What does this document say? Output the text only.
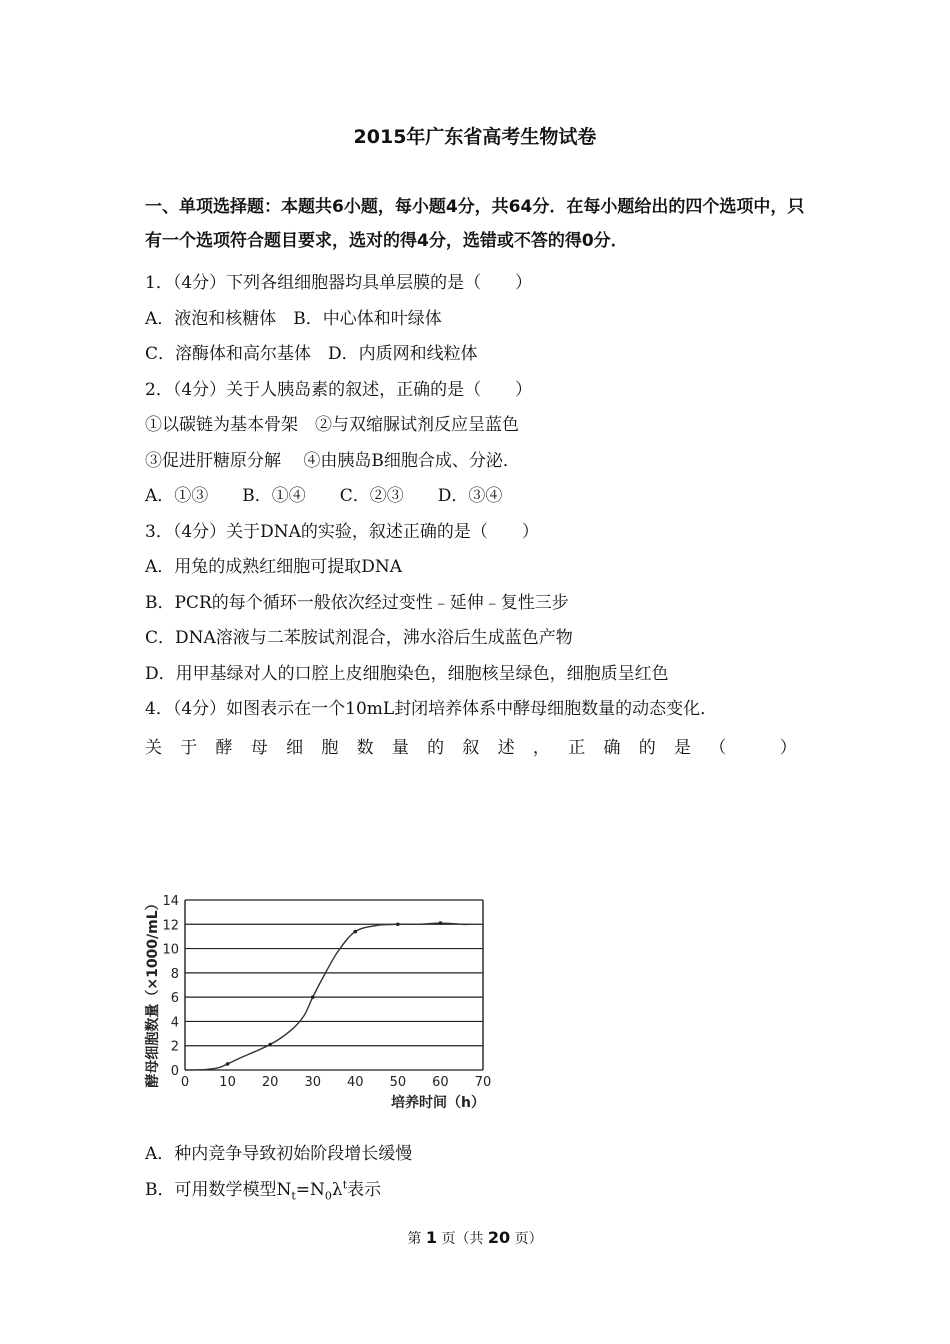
2015年广东省高考生物试卷
一、单项选择题：本题共6小题，每小题4分，共64分．在每小题给出的四个选项中，只有一个选项符合题目要求，选对的得4分，选错或不答的得0分．
1．（4分）下列各组细胞器均具单层膜的是（　　）
A．液泡和核糖体　B．中心体和叶绿体
C．溶酶体和高尔基体　D．内质网和线粒体
2．（4分）关于人胰岛素的叙述，正确的是（　　）
①以碳链为基本骨架　②与双缩脲试剂反应呈蓝色
③促进肝糖原分解　 ④由胰岛B细胞合成、分泌．
A．①③ B．①④ C．②③ D．③④
3．（4分）关于DNA的实验，叙述正确的是（　　）
A．用兔的成熟红细胞可提取DNA
B．PCR的每个循环一般依次经过变性﹣延伸﹣复性三步
C．DNA溶液与二苯胺试剂混合，沸水浴后生成蓝色产物
D．用甲基绿对人的口腔上皮细胞染色，细胞核呈绿色，细胞质呈红色
4．（4分）如图表示在一个10mL封闭培养体系中酵母细胞数量的动态变化．
关 于 酵 母 细 胞 数 量 的 叙 述 ， 正 确 的 是 （
　	）
0
2
4
6
8
10
12
14
0 10 20 30 40 50 60 70
酵母细胞数量（×1000/mL）
培养时间（h）
A．种内竞争导致初始阶段增长缓慢
B．可用数学模型$N_t=N_0\lambda^t$表示
第 1 页（共 20 页）
